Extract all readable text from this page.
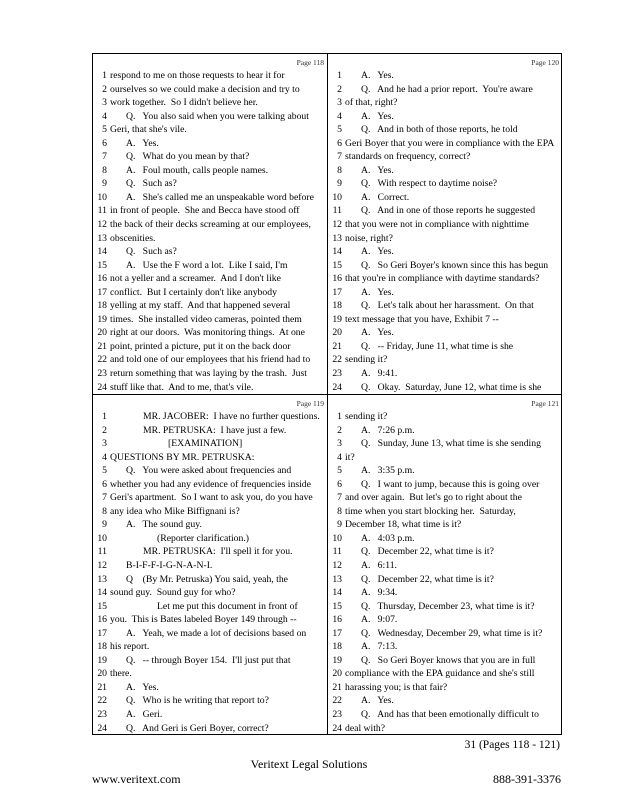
Page 118
1 respond to me on those requests to hear it for
2 ourselves so we could make a decision and try to
3 work together.  So I didn't believe her.
4 Q.   You also said when you were talking about
5 Geri, that she's vile.
6 A.   Yes.
7 Q.   What do you mean by that?
8 A.   Foul mouth, calls people names.
9 Q.   Such as?
10 A.   She's called me an unspeakable word before
11 in front of people.  She and Becca have stood off
12 the back of their decks screaming at our employees,
13 obscenities.
14 Q.   Such as?
15 A.   Use the F word a lot.  Like I said, I'm
16 not a yeller and a screamer.  And I don't like
17 conflict.  But I certainly don't like anybody
18 yelling at my staff.  And that happened several
19 times.  She installed video cameras, pointed them
20 right at our doors.  Was monitoring things.  At one
21 point, printed a picture, put it on the back door
22 and told one of our employees that his friend had to
23 return something that was laying by the trash.  Just
24 stuff like that.  And to me, that's vile.
Page 120
1 A.   Yes.
2 Q.   And he had a prior report.  You're aware
3 of that, right?
4 A.   Yes.
5 Q.   And in both of those reports, he told
6 Geri Boyer that you were in compliance with the EPA
7 standards on frequency, correct?
8 A.   Yes.
9 Q.   With respect to daytime noise?
10 A.   Correct.
11 Q.   And in one of those reports he suggested
12 that you were not in compliance with nighttime
13 noise, right?
14 A.   Yes.
15 Q.   So Geri Boyer's known since this has begun
16 that you're in compliance with daytime standards?
17 A.   Yes.
18 Q.   Let's talk about her harassment.  On that
19 text message that you have, Exhibit 7 --
20 A.   Yes.
21 Q.   -- Friday, June 11, what time is she
22 sending it?
23 A.   9:41.
24 Q.   Okay.  Saturday, June 12, what time is she
Page 119
1	MR. JACOBER:  I have no further questions.
2	MR. PETRUSKA:  I have just a few.
3	[EXAMINATION]
4 QUESTIONS BY MR. PETRUSKA:
5 Q.   You were asked about frequencies and
6 whether you had any evidence of frequencies inside
7 Geri's apartment.  So I want to ask you, do you have
8 any idea who Mike Biffignani is?
9 A.   The sound guy.
10	(Reporter clarification.)
11	MR. PETRUSKA:  I'll spell it for you.
12 B-I-F-F-I-G-N-A-N-I.
13 Q    (By Mr. Petruska) You said, yeah, the
14 sound guy.  Sound guy for who?
15	Let me put this document in front of
16 you.  This is Bates labeled Boyer 149 through --
17 A.   Yeah, we made a lot of decisions based on
18 his report.
19 Q.   -- through Boyer 154.  I'll just put that
20 there.
21 A.   Yes.
22 Q.   Who is he writing that report to?
23 A.   Geri.
24 Q.   And Geri is Geri Boyer, correct?
Page 121
1 sending it?
2 A.   7:26 p.m.
3 Q.   Sunday, June 13, what time is she sending
4 it?
5 A.   3:35 p.m.
6 Q.   I want to jump, because this is going over
7 and over again.  But let's go to right about the
8 time when you start blocking her.  Saturday,
9 December 18, what time is it?
10 A.   4:03 p.m.
11 Q.   December 22, what time is it?
12 A.   6:11.
13 Q.   December 22, what time is it?
14 A.   9:34.
15 Q.   Thursday, December 23, what time is it?
16 A.   9:07.
17 Q.   Wednesday, December 29, what time is it?
18 A.   7:13.
19 Q.   So Geri Boyer knows that you are in full
20 compliance with the EPA guidance and she's still
21 harassing you; is that fair?
22 A.   Yes.
23 Q.   And has that been emotionally difficult to
24 deal with?
31 (Pages 118 - 121)
Veritext Legal Solutions
www.veritext.com	888-391-3376
